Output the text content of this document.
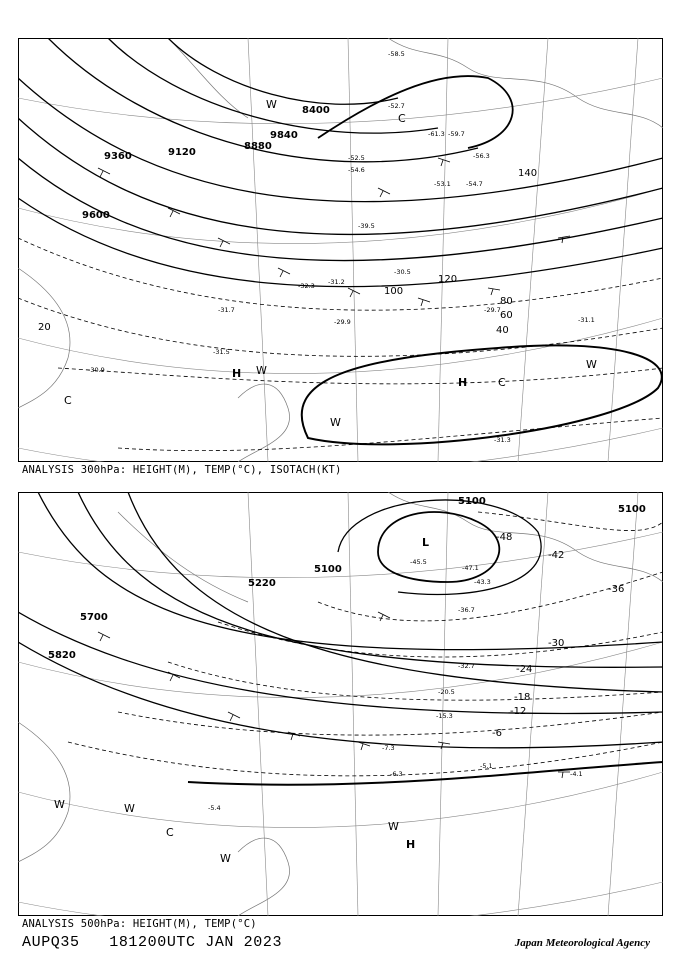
9360	9120
8880
9600
9840
8400
-58.5
-61.3 -59.7
-56.3
-54.7
-53.1
-52.7
-54.6
-52.5
-39.5
-32.3
-30.5
-31.2
-29.9
-29.7
-31.1
-31.5
-31.7
-30.9
-31.3
20	40
60
80
100
120
140
H
H
C
C
C
W
W
W
W
ANALYSIS 300hPa: HEIGHT(M), TEMP(°C), ISOTACH(KT)
5100
5100
5100
5220
5700
5820
-48
-42
-36
-30
-24
-18
-12
-6
-45.5
-47.1
-43.3
-36.7
-32.7
-20.5
-15.3
-7.3
-5.1
-4.1
-6.3
-5.4
L
H
C
W	W
W
W
ANALYSIS 500hPa: HEIGHT(M), TEMP(°C)
AUPQ35 181200UTC JAN 2023	Japan Meteorological Agency
